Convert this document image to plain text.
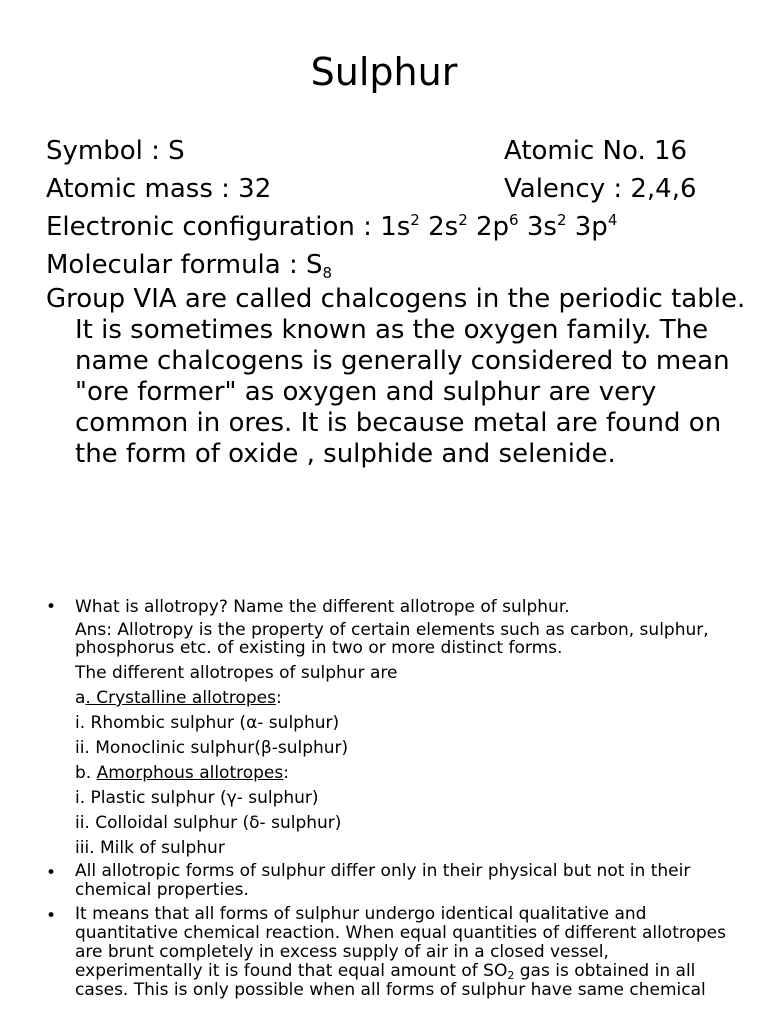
Sulphur
Symbol : S	Atomic No. 16
Atomic mass : 32	Valency : 2,4,6
Electronic configuration : $1s^2$ $2s^2$ $2p^6$ $3s^2$ $3p^4$
Molecular formula : $S_8$

Group VIA are called chalcogens in the periodic table. It is sometimes known as the oxygen family. The name chalcogens is generally considered to mean "ore former" as oxygen and sulphur are very common in ores. It is because metal are found on the form of oxide , sulphide and selenide.

• What is allotropy? Name the different allotrope of sulphur.
Ans: Allotropy is the property of certain elements such as carbon, sulphur, phosphorus etc. of existing in two or more distinct forms.
The different allotropes of sulphur are
a. Crystalline allotropes:
i. Rhombic sulphur (α- sulphur)
ii. Monoclinic sulphur(β-sulphur)
b. Amorphous allotropes:
i. Plastic sulphur (γ- sulphur)
ii. Colloidal sulphur (δ- sulphur)
iii. Milk of sulphur
• All allotropic forms of sulphur differ only in their physical but not in their chemical properties.
• It means that all forms of sulphur undergo identical qualitative and quantitative chemical reaction. When equal quantities of different allotropes are brunt completely in excess supply of air in a closed vessel, experimentally it is found that equal amount of $SO_2$ gas is obtained in all cases. This is only possible when all forms of sulphur have same chemical
